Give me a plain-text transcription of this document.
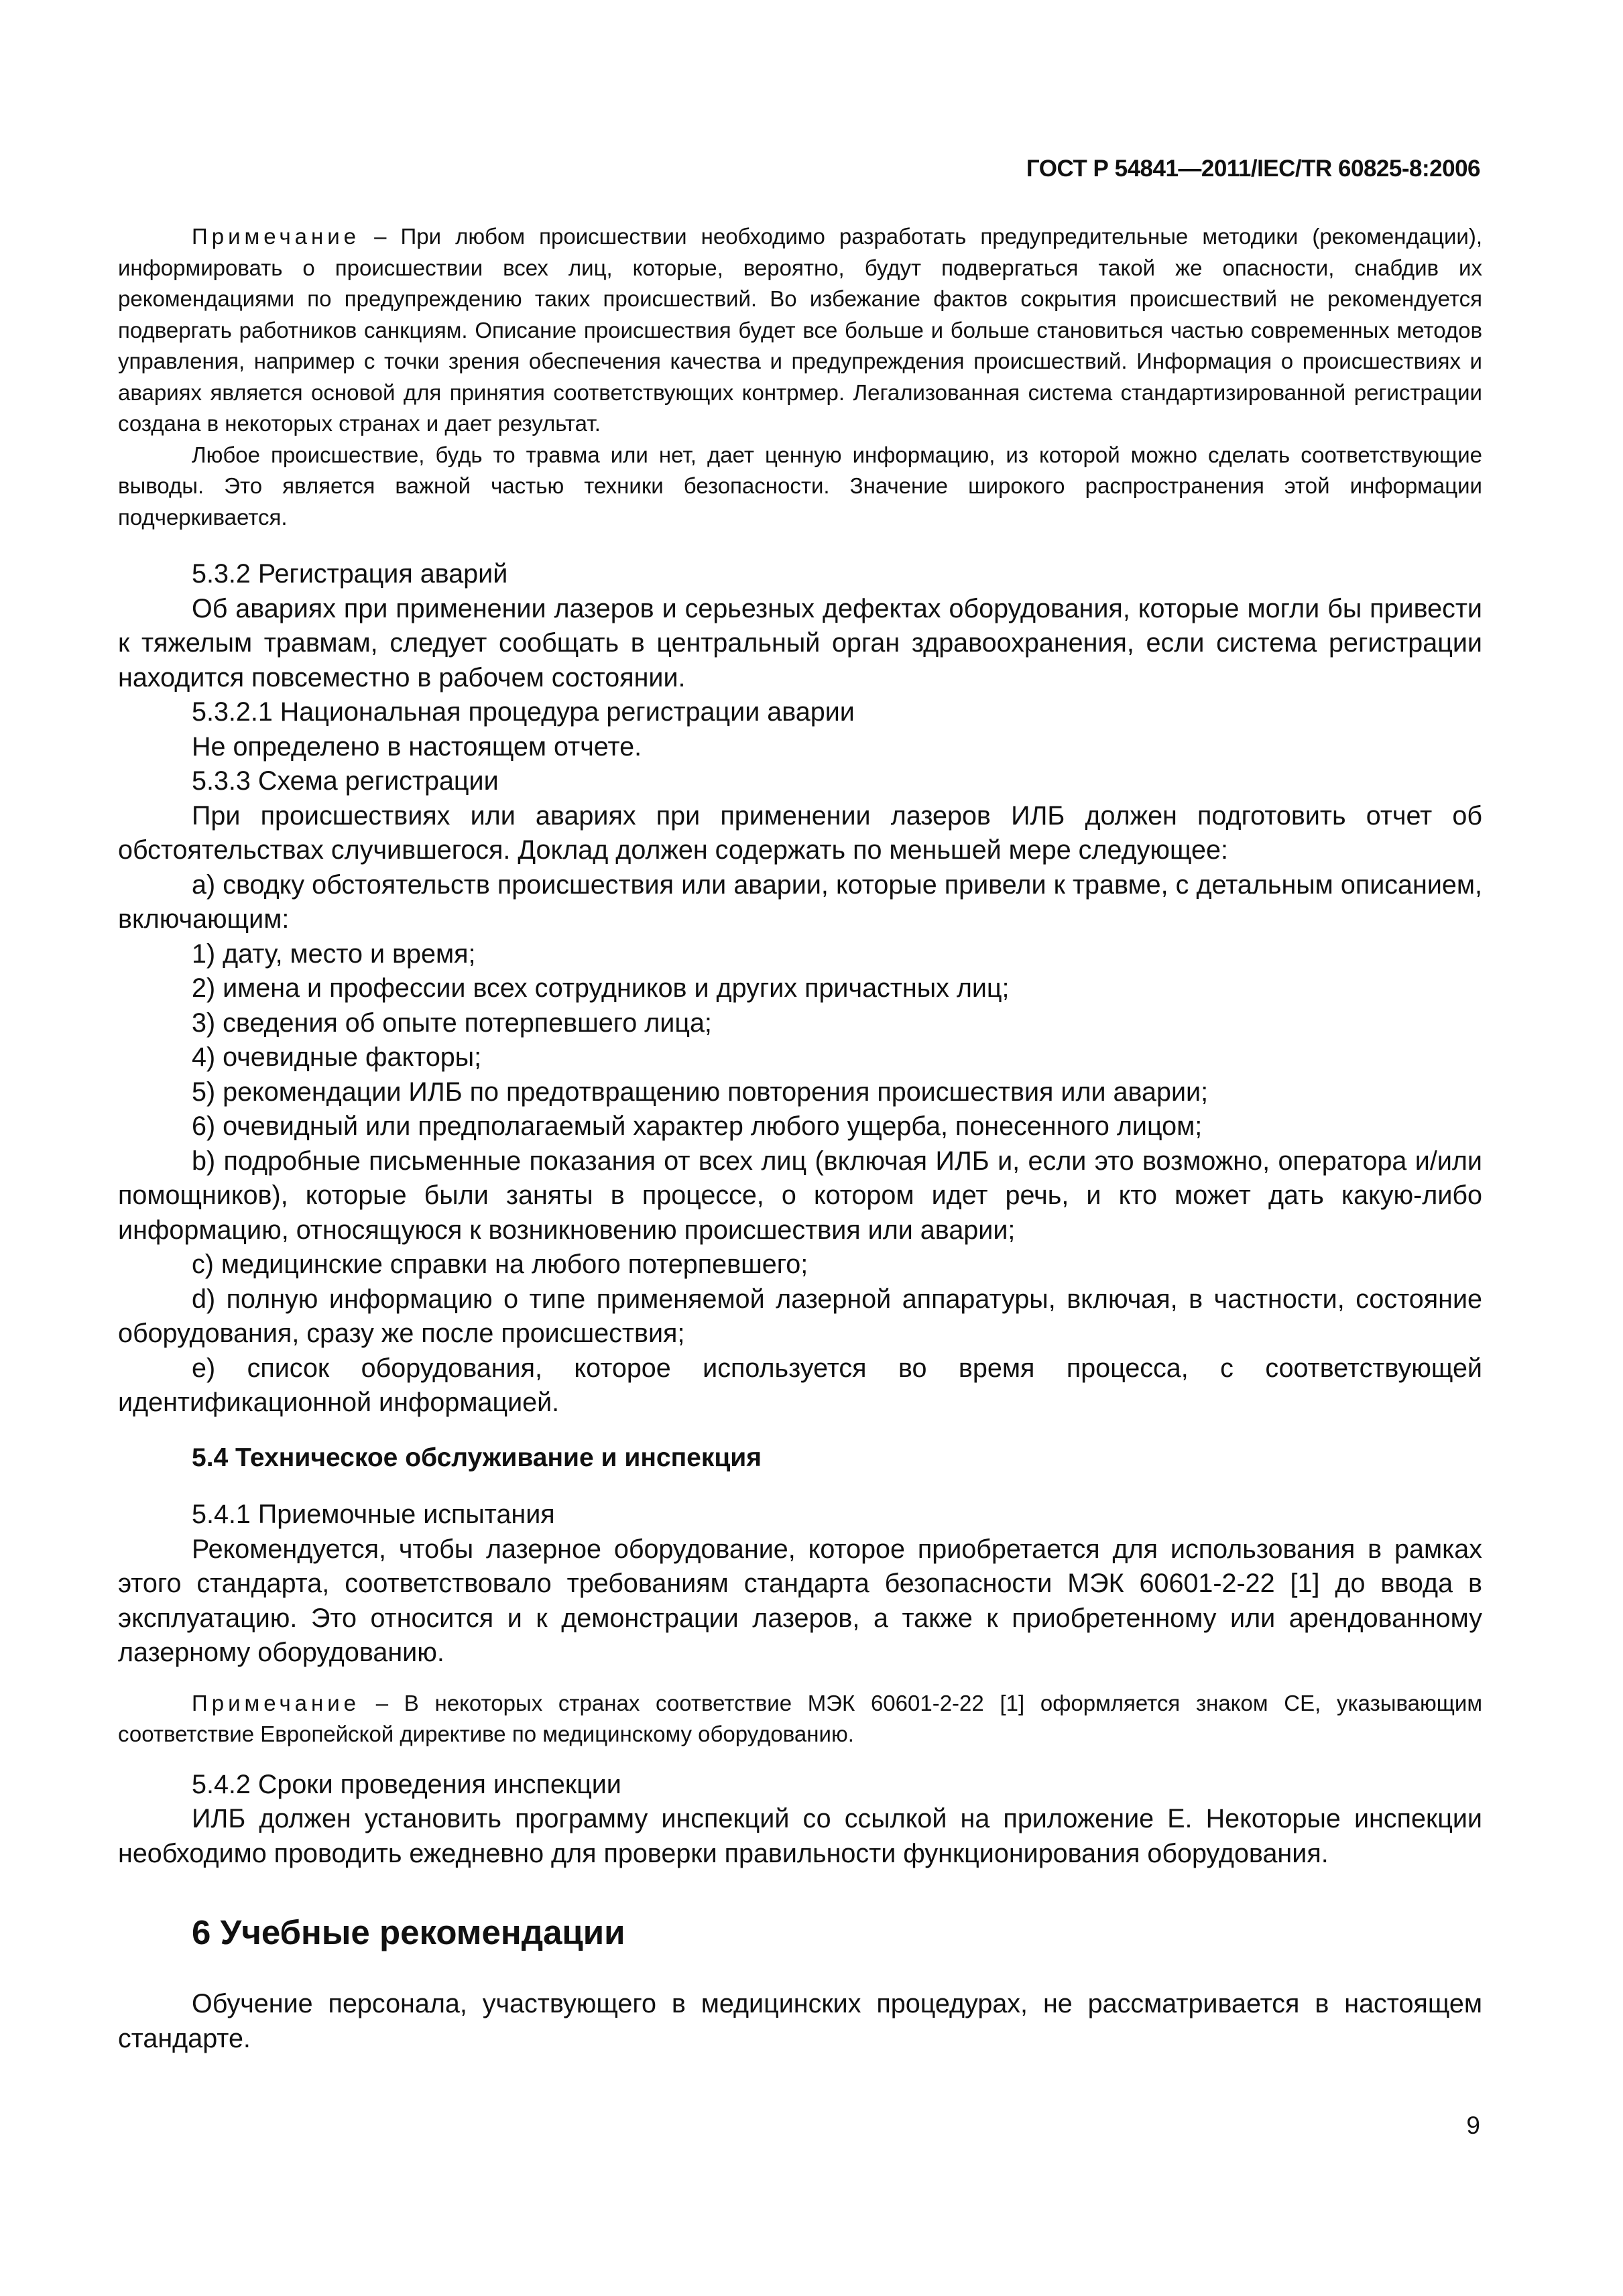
ГОСТ Р 54841—2011/IEC/TR 60825-8:2006

Примечание – При любом происшествии необходимо разработать предупредительные методики (рекомендации), информировать о происшествии всех лиц, которые, вероятно, будут подвергаться такой же опасности, снабдив их рекомендациями по предупреждению таких происшествий. Во избежание фактов сокрытия происшествий не рекомендуется подвергать работников санкциям. Описание происшествия будет все больше и больше становиться частью современных методов управления, например с точки зрения обеспечения качества и предупреждения происшествий. Информация о происшествиях и авариях является основой для принятия соответствующих контрмер. Легализованная система стандартизированной регистрации создана в некоторых странах и дает результат.

Любое происшествие, будь то травма или нет, дает ценную информацию, из которой можно сделать соответствующие выводы. Это является важной частью техники безопасности. Значение широкого распространения этой информации подчеркивается.

5.3.2 Регистрация аварий

Об авариях при применении лазеров и серьезных дефектах оборудования, которые могли бы привести к тяжелым травмам, следует сообщать в центральный орган здравоохранения, если система регистрации находится повсеместно в рабочем состоянии.

5.3.2.1 Национальная процедура регистрации аварии

Не определено в настоящем отчете.

5.3.3 Схема регистрации

При происшествиях или авариях при применении лазеров ИЛБ должен подготовить отчет об обстоятельствах случившегося. Доклад должен содержать по меньшей мере следующее:

a) сводку обстоятельств происшествия или аварии, которые привели к травме, с детальным описанием, включающим:

1) дату, место и время;

2) имена и профессии всех сотрудников и других причастных лиц;

3) сведения об опыте потерпевшего лица;

4) очевидные факторы;

5) рекомендации ИЛБ по предотвращению повторения происшествия или аварии;

6) очевидный или предполагаемый характер любого ущерба, понесенного лицом;

b) подробные письменные показания от всех лиц (включая ИЛБ и, если это возможно, оператора и/или помощников), которые были заняты в процессе, о котором идет речь, и кто может дать какую-либо информацию, относящуюся к возникновению происшествия или аварии;

c) медицинские справки на любого потерпевшего;

d) полную информацию о типе применяемой лазерной аппаратуры, включая, в частности, состояние оборудования, сразу же после происшествия;

e) список оборудования, которое используется во время процесса, с соответствующей идентификационной информацией.

5.4 Техническое обслуживание и инспекция

5.4.1 Приемочные испытания

Рекомендуется, чтобы лазерное оборудование, которое приобретается для использования в рамках этого стандарта, соответствовало требованиям стандарта безопасности МЭК 60601-2-22 [1] до ввода в эксплуатацию. Это относится и к демонстрации лазеров, а также к приобретенному или арендованному лазерному оборудованию.

Примечание – В некоторых странах соответствие МЭК 60601-2-22 [1] оформляется знаком СЕ, указывающим соответствие Европейской директиве по медицинскому оборудованию.

5.4.2 Сроки проведения инспекции

ИЛБ должен установить программу инспекций со ссылкой на приложение Е. Некоторые инспекции необходимо проводить ежедневно для проверки правильности функционирования оборудования.

6 Учебные рекомендации

Обучение персонала, участвующего в медицинских процедурах, не рассматривается в настоящем стандарте.

9
